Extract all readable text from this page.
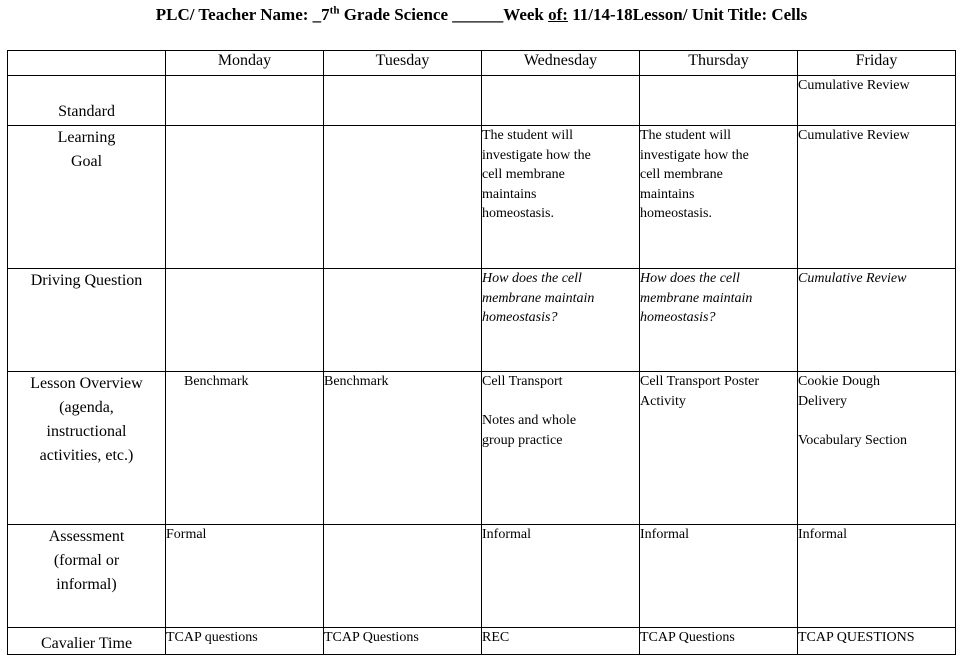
PLC/ Teacher Name: _7th Grade Science ______Week of: 11/14-18Lesson/ Unit Title: Cells
	Monday	Tuesday	Wednesday	Thursday	Friday

Standard					Cumulative Review

Learning
Goal			The student will
investigate how the
cell membrane
maintains
homeostasis.	The student will
investigate how the
cell membrane
maintains
homeostasis.	Cumulative Review

Driving Question			How does the cell
membrane maintain
homeostasis?	How does the cell
membrane maintain
homeostasis?	Cumulative Review

Lesson Overview
(agenda,
instructional
activities, etc.)	Benchmark	Benchmark	Cell Transport
Notes and whole
group practice	Cell Transport Poster
Activity	Cookie Dough
Delivery
Vocabulary Section

Assessment
(formal or
informal)	Formal		Informal	Informal	Informal

Cavalier Time	TCAP questions	TCAP Questions	REC	TCAP Questions	TCAP QUESTIONS
